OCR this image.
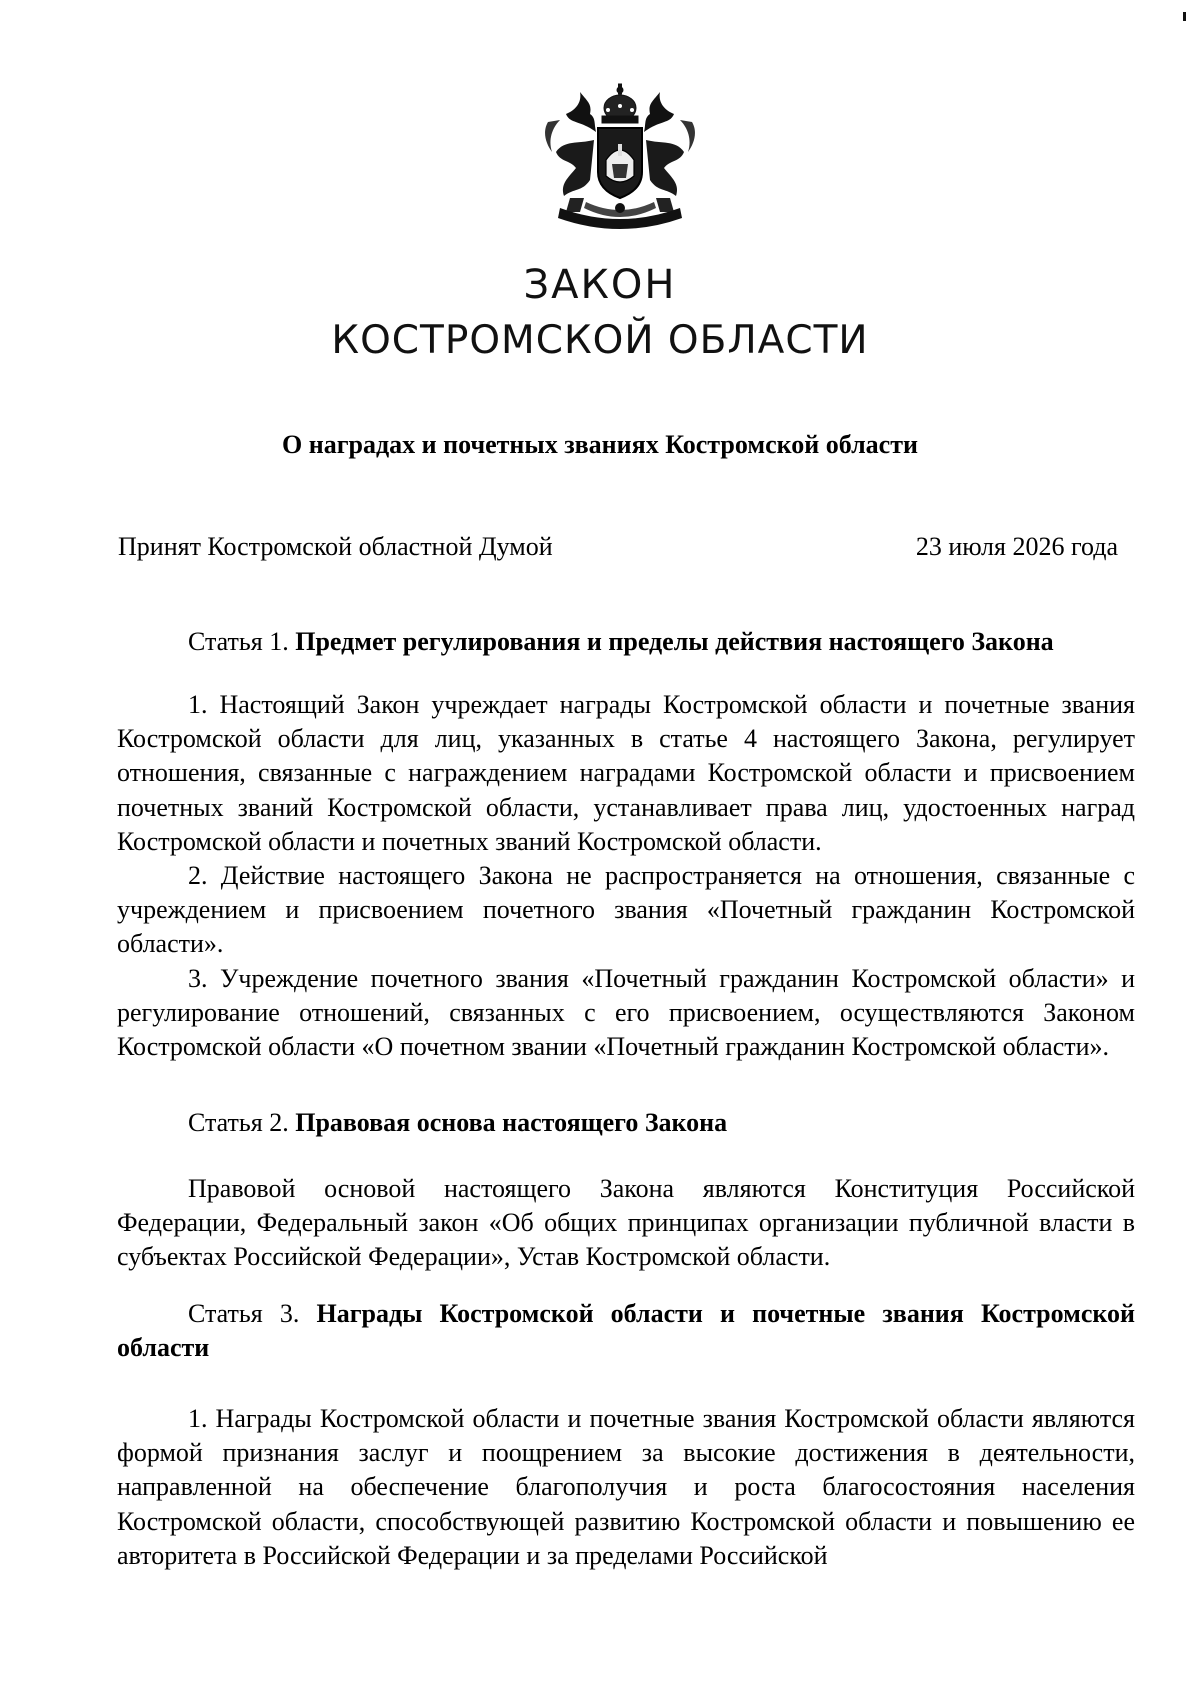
ЗАКОН
КОСТРОМСКОЙ ОБЛАСТИ
О наградах и почетных званиях Костромской области
Принят Костромской областной Думой	23 июля 2026 года
Статья 1. Предмет регулирования и пределы действия настоящего Закона

1. Настоящий Закон учреждает награды Костромской области и почетные звания Костромской области для лиц, указанных в статье 4 настоящего Закона, регулирует отношения, связанные с награждением наградами Костромской области и присвоением почетных званий Костромской области, устанавливает права лиц, удостоенных наград Костромской области и почетных званий Костромской области.

2. Действие настоящего Закона не распространяется на отношения, связанные с учреждением и присвоением почетного звания «Почетный гражданин Костромской области».

3. Учреждение почетного звания «Почетный гражданин Костромской области» и регулирование отношений, связанных с его присвоением, осуществляются Законом Костромской области «О почетном звании «Почетный гражданин Костромской области».

Статья 2. Правовая основа настоящего Закона

Правовой основой настоящего Закона являются Конституция Российской Федерации, Федеральный закон «Об общих принципах организации публичной власти в субъектах Российской Федерации», Устав Костромской области.

Статья 3. Награды Костромской области и почетные звания Костромской области

1. Награды Костромской области и почетные звания Костромской области являются формой признания заслуг и поощрением за высокие достижения в деятельности, направленной на обеспечение благополучия и роста благосостояния населения Костромской области, способствующей развитию Костромской области и повышению ее авторитета в Российской Федерации и за пределами Российской
